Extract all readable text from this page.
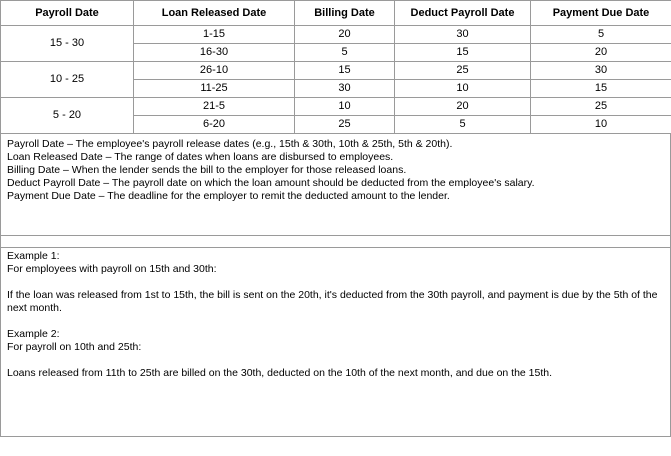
Payroll Date	Loan Released Date	Billing Date	Deduct Payroll Date	Payment Due Date
15 - 30	1-15	20	30	5
	16-30	5	15	20
10 - 25	26-10	15	25	30
	11-25	30	10	15
5 - 20	21-5	10	20	25
	6-20	25	5	10

Payroll Date – The employee's payroll release dates (e.g., 15th & 30th, 10th & 25th, 5th & 20th).

Loan Released Date – The range of dates when loans are disbursed to employees.

Billing Date – When the lender sends the bill to the employer for those released loans.

Deduct Payroll Date – The payroll date on which the loan amount should be deducted from the employee's salary.

Payment Due Date – The deadline for the employer to remit the deducted amount to the lender.

Example 1:

For employees with payroll on 15th and 30th:

If the loan was released from 1st to 15th, the bill is sent on the 20th, it's deducted from the 30th payroll, and payment is due by the 5th of the next month.

Example 2:

For payroll on 10th and 25th:

Loans released from 11th to 25th are billed on the 30th, deducted on the 10th of the next month, and due on the 15th.
